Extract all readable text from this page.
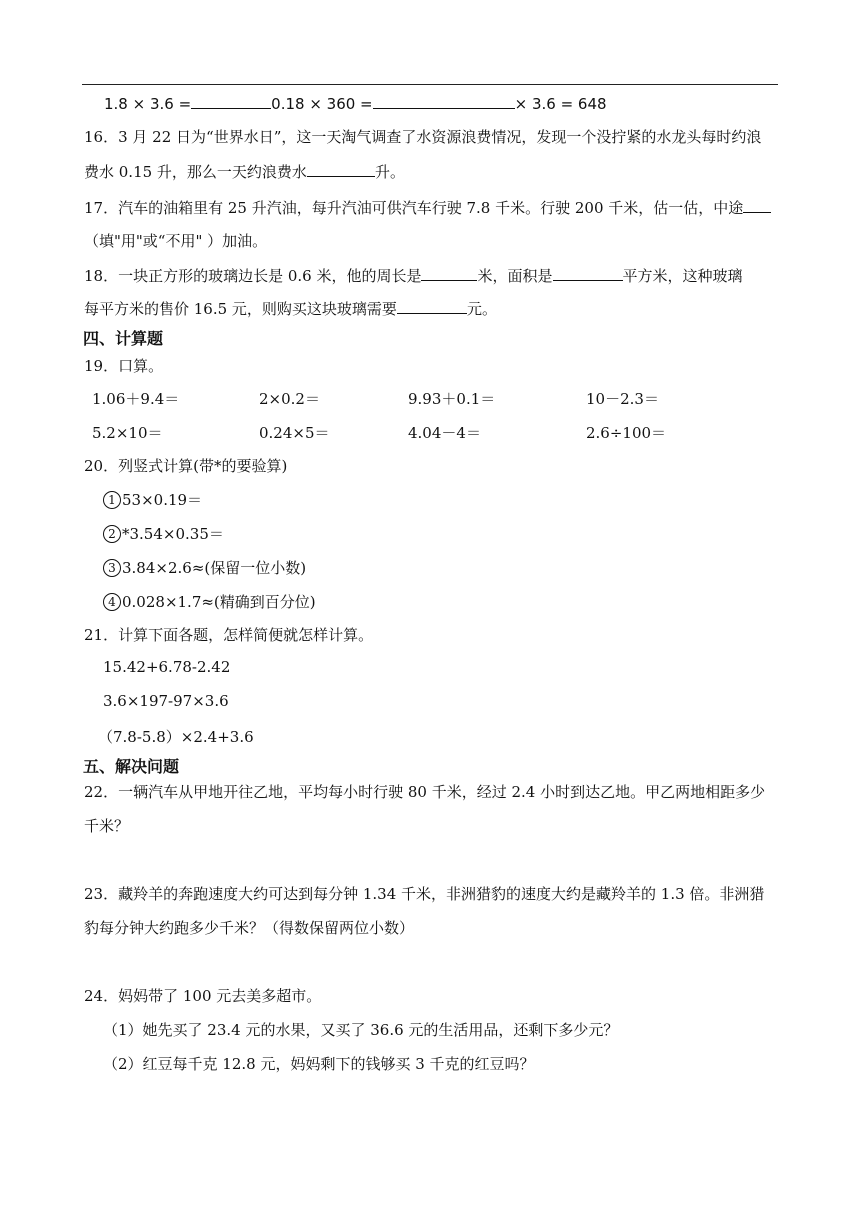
1.8 × 3.6 =	0.18 × 360 =	× 3.6 = 648
16．3 月 22 日为“世界水日”，这一天淘气调查了水资源浪费情况，发现一个没拧紧的水龙头每时约浪
费水 0.15 升，那么一天约浪费水	升。
17．汽车的油箱里有 25 升汽油，每升汽油可供汽车行驶 7.8 千米。行驶 200 千米，估一估，中途
（填"用"或“不用" ）加油。
18．一块正方形的玻璃边长是 0.6 米，他的周长是	米，面积是	平方米，这种玻璃
每平方米的售价 16.5 元，则购买这块玻璃需要	元。
四、计算题
19．口算。
1.06＋9.4＝	2×0.2＝	9.93＋0.1＝	10－2.3＝
5.2×10＝	0.24×5＝	4.04－4＝	2.6÷100＝
20．列竖式计算(带*的要验算)
1 53×0.19＝
2 *3.54×0.35＝
3 3.84×2.6≈(保留一位小数)
4 0.028×1.7≈(精确到百分位)
21．计算下面各题，怎样简便就怎样计算。
15.42+6.78-2.42
3.6×197-97×3.6
（7.8-5.8）×2.4+3.6
五、解决问题
22．一辆汽车从甲地开往乙地，平均每小时行驶 80 千米，经过 2.4 小时到达乙地。甲乙两地相距多少
千米？
23．藏羚羊的奔跑速度大约可达到每分钟 1.34 千米，非洲猎豹的速度大约是藏羚羊的 1.3 倍。非洲猎
豹每分钟大约跑多少千米？（得数保留两位小数）
24．妈妈带了 100 元去美多超市。
（1）她先买了 23.4 元的水果，又买了 36.6 元的生活用品，还剩下多少元？
（2）红豆每千克 12.8 元，妈妈剩下的钱够买 3 千克的红豆吗？
